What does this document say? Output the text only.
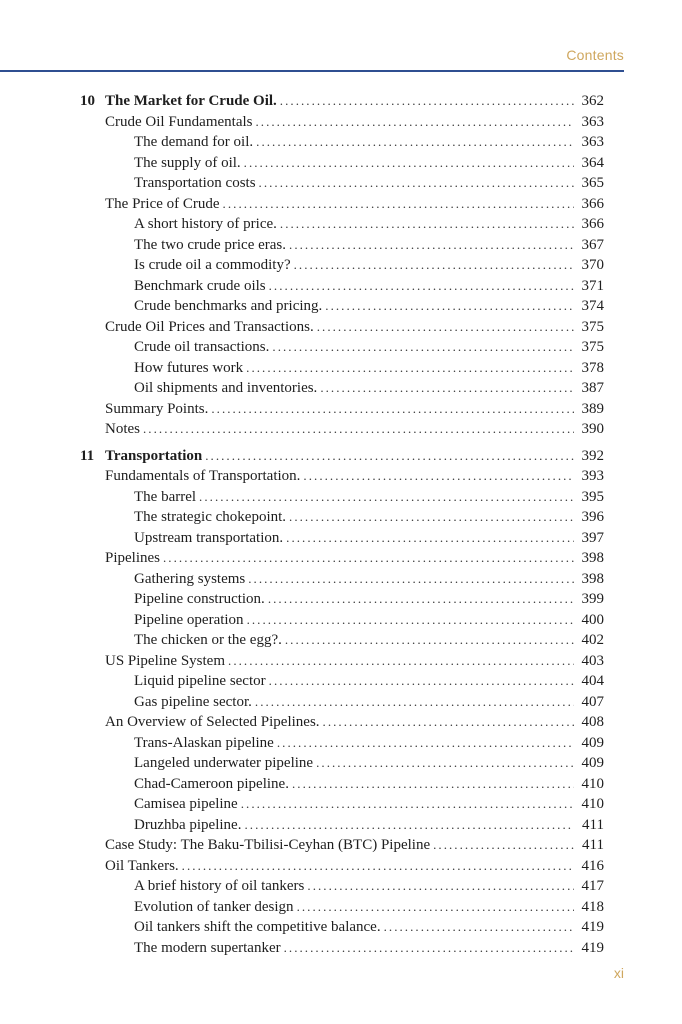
Contents
10 The Market for Crude Oil. . . .	362
Crude Oil Fundamentals . . .	363
The demand for oil. . . .	363
The supply of oil. . . .	364
Transportation costs . . .	365
The Price of Crude . . .	366
A short history of price. . . .	366
The two crude price eras. . . .	367
Is crude oil a commodity? . . .	370
Benchmark crude oils . . .	371
Crude benchmarks and pricing. . . .	374
Crude Oil Prices and Transactions. . . .	375
Crude oil transactions. . . .	375
How futures work . . .	378
Oil shipments and inventories. . . .	387
Summary Points. . . .	389
Notes . . .	390
11 Transportation . . .	392
Fundamentals of Transportation. . . .	393
The barrel . . .	395
The strategic chokepoint. . . .	396
Upstream transportation. . . .	397
Pipelines . . .	398
Gathering systems . . .	398
Pipeline construction. . . .	399
Pipeline operation . . .	400
The chicken or the egg?. . . .	402
US Pipeline System . . .	403
Liquid pipeline sector . . .	404
Gas pipeline sector. . . .	407
An Overview of Selected Pipelines. . . .	408
Trans-Alaskan pipeline . . .	409
Langeled underwater pipeline . . .	409
Chad-Cameroon pipeline. . . .	410
Camisea pipeline . . .	410
Druzhba pipeline. . . .	411
Case Study: The Baku-Tbilisi-Ceyhan (BTC) Pipeline . . .	411
Oil Tankers. . . .	416
A brief history of oil tankers . . .	417
Evolution of tanker design . . .	418
Oil tankers shift the competitive balance. . . .	419
The modern supertanker . . .	419
xi
